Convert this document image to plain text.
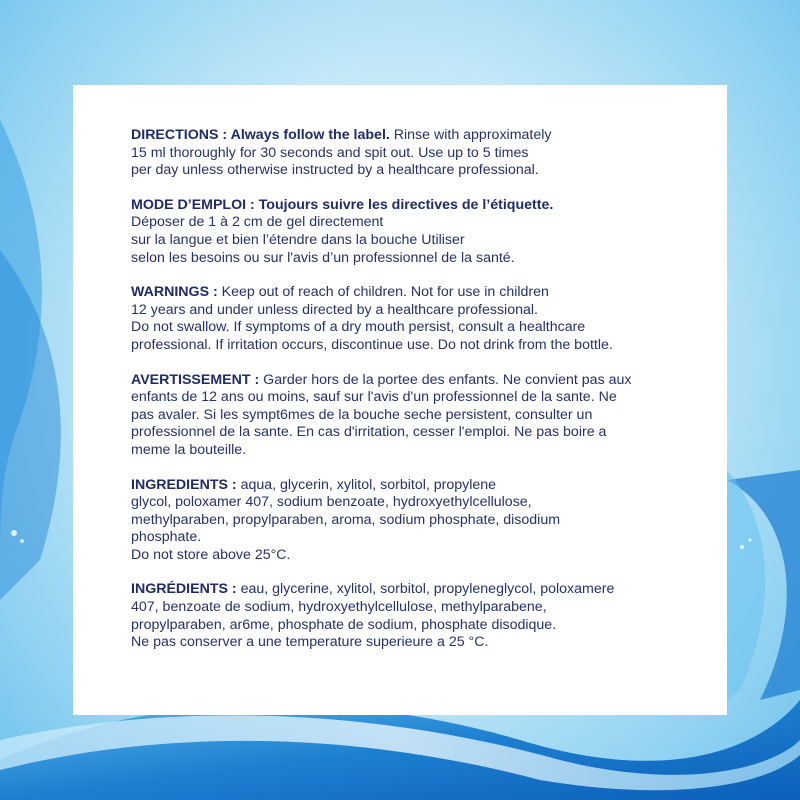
DIRECTIONS : Always follow the label. Rinse with approximately
15 ml thoroughly for 30 seconds and spit out. Use up to 5 times
per day unless otherwise instructed by a healthcare professional.
MODE D’EMPLOI : Toujours suivre les directives de l’étiquette.
Déposer de 1 à 2 cm de gel directement
sur la langue et bien l’étendre dans la bouche Utiliser
selon les besoins ou sur l'avis d’un professionnel de la santé.
WARNINGS : Keep out of reach of children. Not for use in children
12 years and under unless directed by a healthcare professional.
Do not swallow. If symptoms of a dry mouth persist, consult a healthcare
professional. If irritation occurs, discontinue use. Do not drink from the bottle.
AVERTISSEMENT : Garder hors de la portee des enfants. Ne convient pas aux
enfants de 12 ans ou moins, sauf sur l'avis d'un professionnel de la sante. Ne
pas avaler. Si les sympt6mes de la bouche seche persistent, consulter un
professionnel de la sante. En cas d'irritation, cesser l'emploi. Ne pas boire a
meme la bouteille.
INGREDIENTS : aqua, glycerin, xylitol, sorbitol, propylene
glycol, poloxamer 407, sodium benzoate, hydroxyethylcellulose,
methylparaben, propylparaben, aroma, sodium phosphate, disodium
phosphate.
Do not store above 25°C.
INGRÉDIENTS : eau, glycerine, xylitol, sorbitol, propyleneglycol, poloxamere
407, benzoate de sodium, hydroxyethylcellulose, methylparabene,
propylparaben, ar6me, phosphate de sodium, phosphate disodique.
Ne pas conserver a une temperature superieure a 25 °C.
